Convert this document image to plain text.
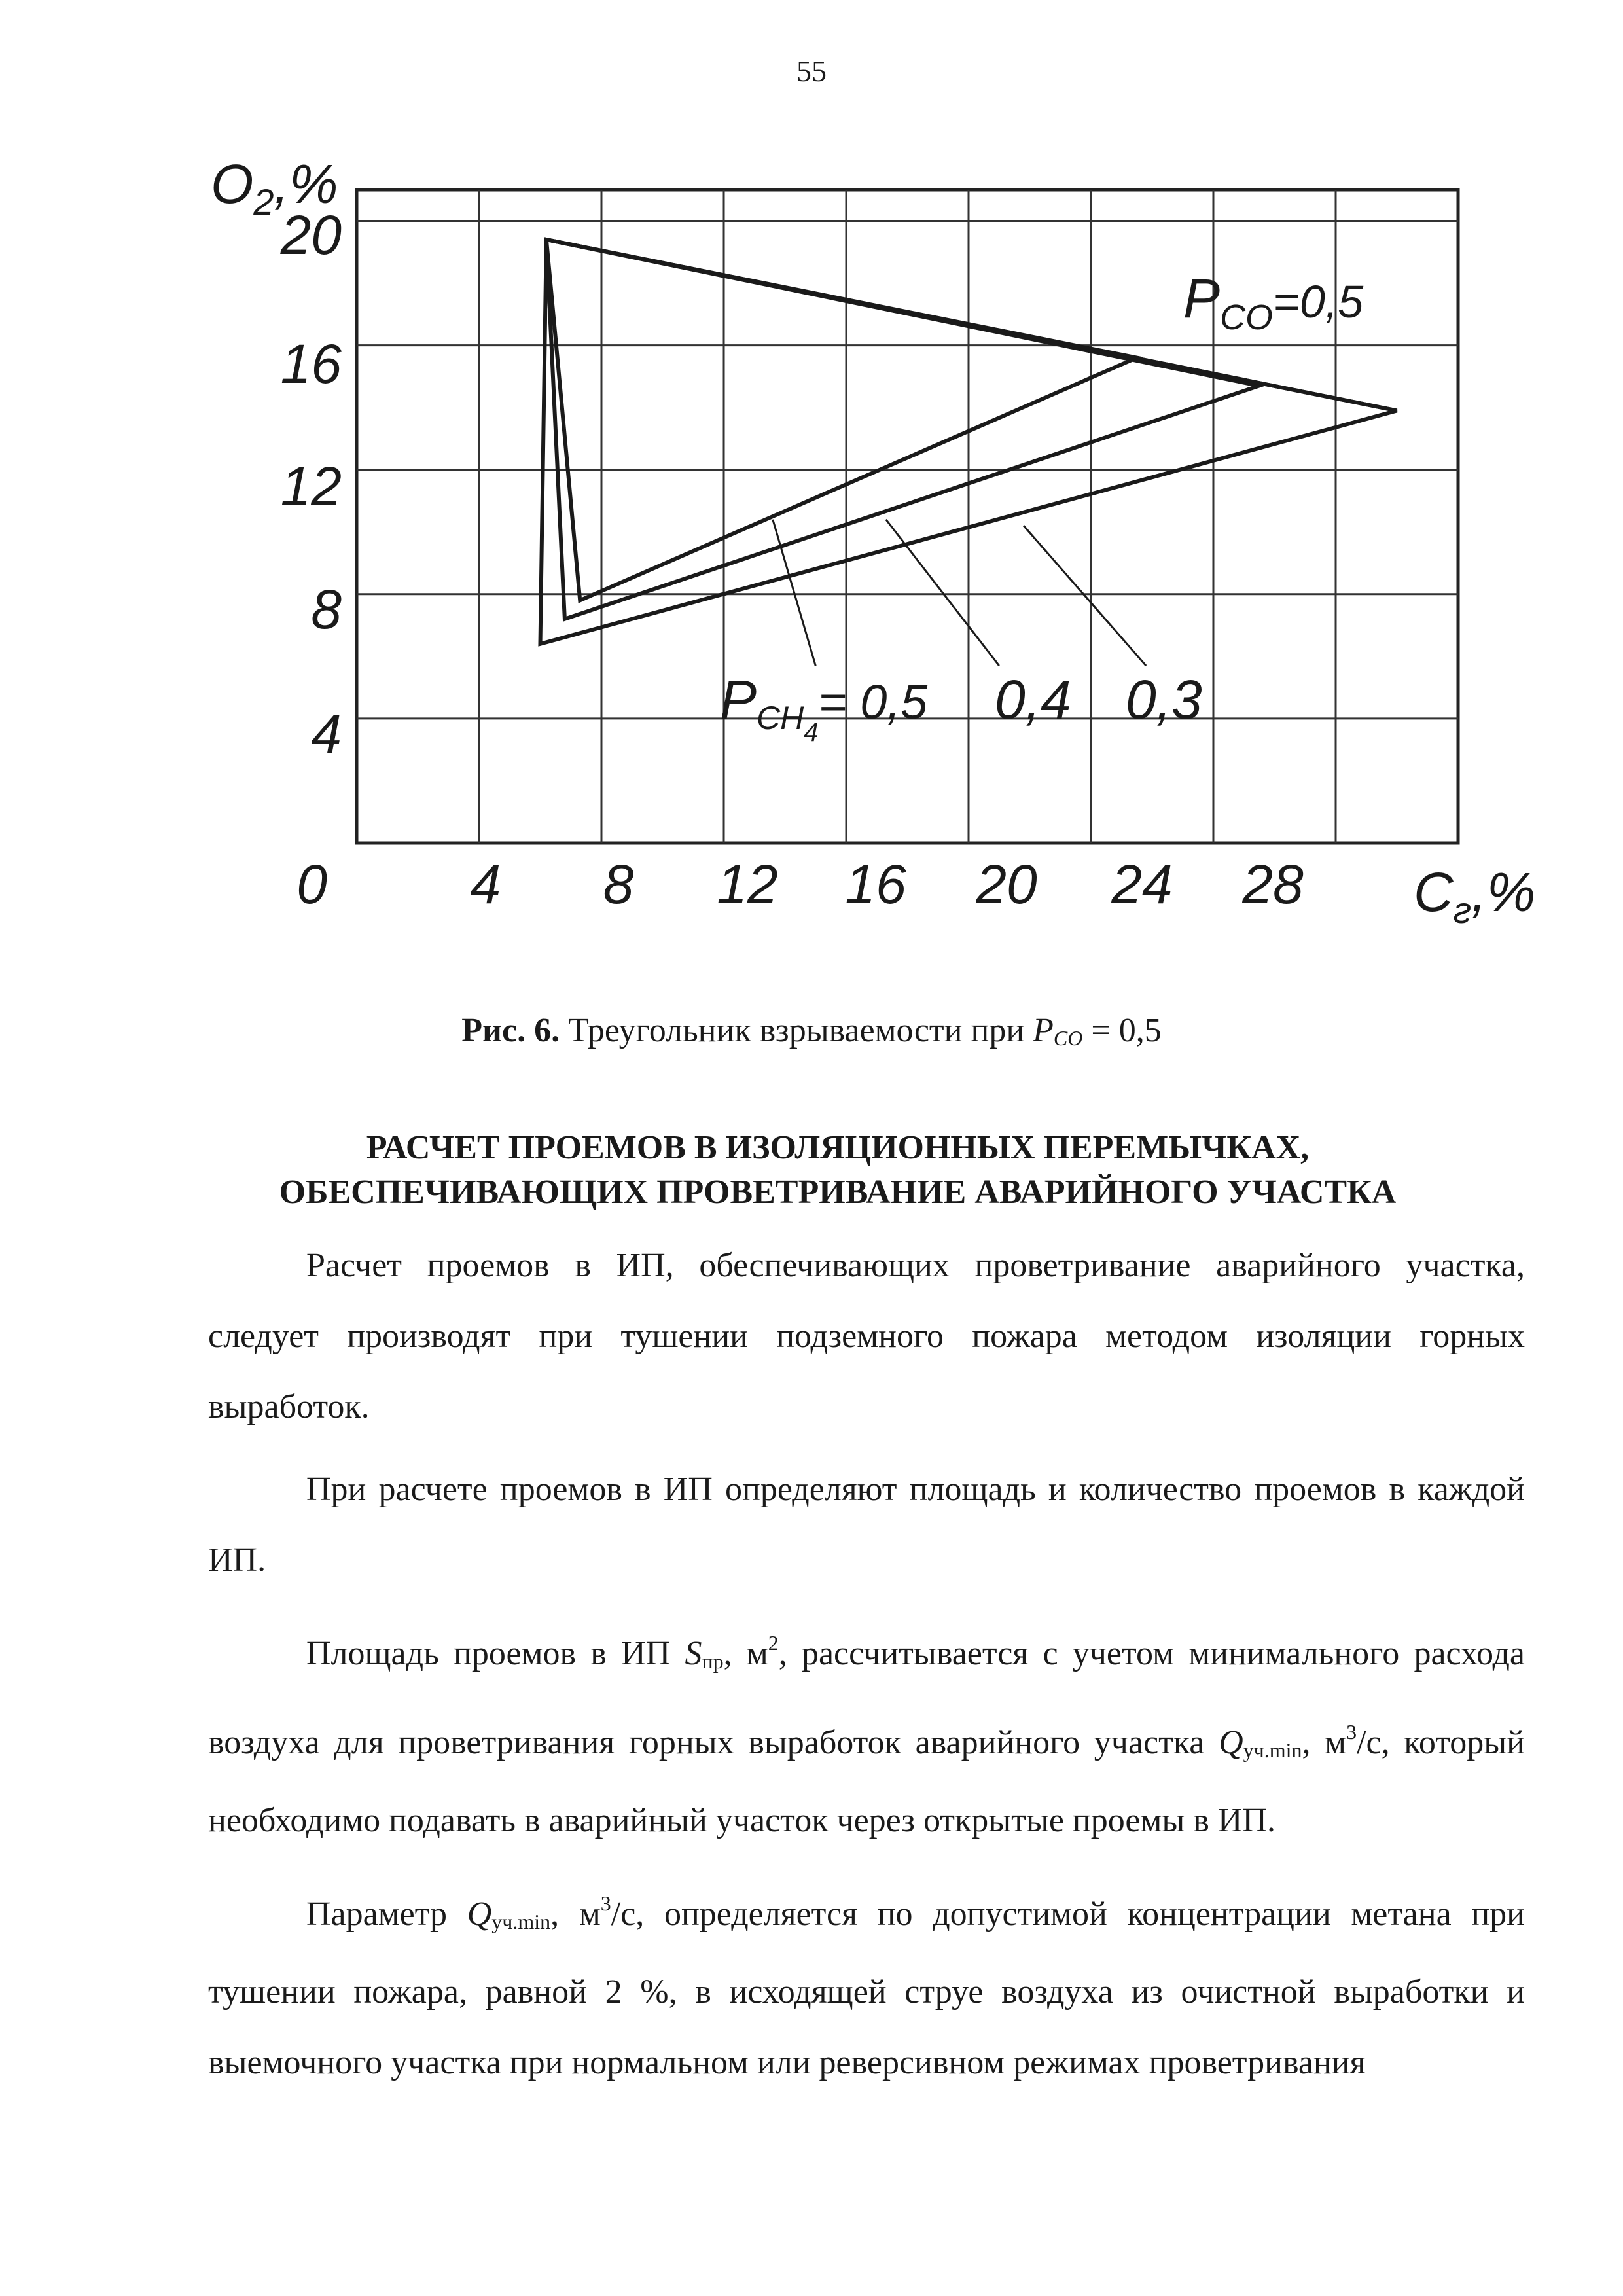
55
$O_2,\%$
20
16
12
8
4
0	4 8 12 16 20 24 28 $C_г,\%$
$P_{CO}^{=0,5}$
$PCH_4= 0,5$ 0,4 0,3
Рис. 6. Треугольник взрываемости при PCO = 0,5
РАСЧЕТ ПРОЕМОВ В ИЗОЛЯЦИОННЫХ ПЕРЕМЫЧКАХ,
ОБЕСПЕЧИВАЮЩИХ ПРОВЕТРИВАНИЕ АВАРИЙНОГО УЧАСТКА

Расчет проемов в ИП, обеспечивающих проветривание аварийного участка, следует производят при тушении подземного пожара методом изоляции горных выработок.

При расчете проемов в ИП определяют площадь и количество проемов в каждой ИП.

Площадь проемов в ИП Sпр, $м^2$, рассчитывается с учетом минимального расхода воздуха для проветривания горных выработок аварийного участка Qуч.min, $м^3/с$, который необходимо подавать в аварийный участок через открытые проемы в ИП.

Параметр Qуч.min, $м^3/с$, определяется по допустимой концентрации метана при тушении пожара, равной 2 %, в исходящей струе воздуха из очистной выработки и выемочного участка при нормальном или реверсивном режимах проветривания
